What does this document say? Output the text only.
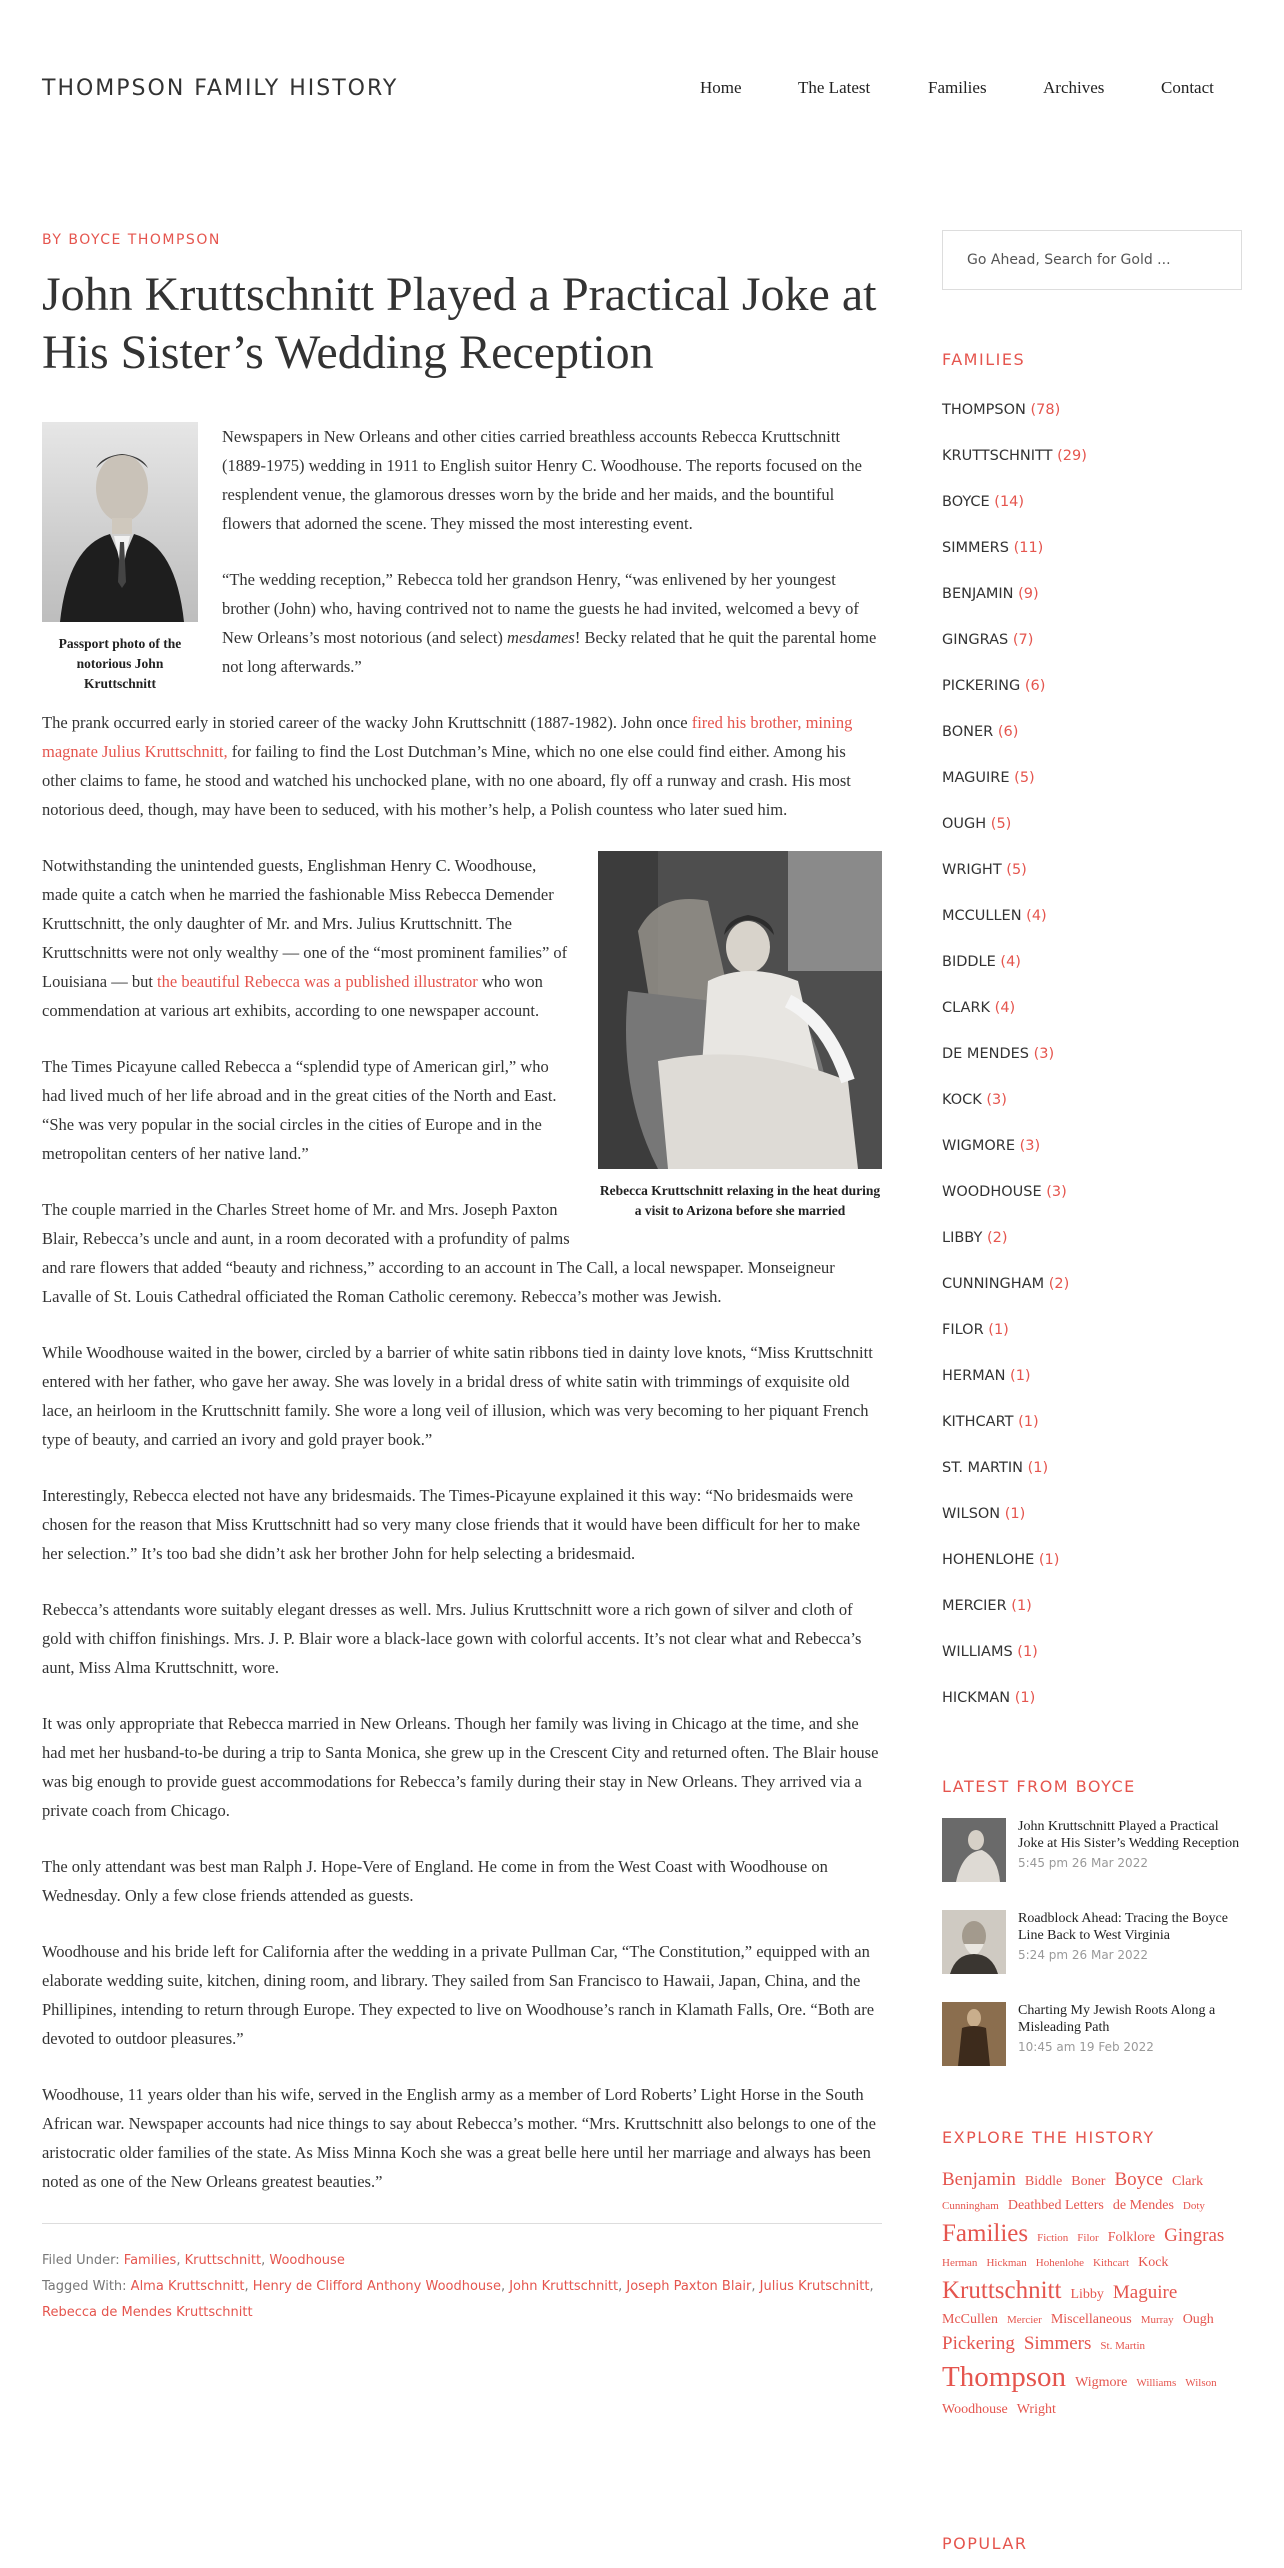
THOMPSON FAMILY HISTORY	Home	The Latest	Families	Archives	Contact
BY BOYCE THOMPSON
John Kruttschnitt Played a Practical Joke at His Sister’s Wedding Reception
Passport photo of the notorious John Kruttschnitt

Newspapers in New Orleans and other cities carried breathless accounts Rebecca Kruttschnitt (1889-1975) wedding in 1911 to English suitor Henry C. Woodhouse. The reports focused on the resplendent venue, the glamorous dresses worn by the bride and her maids, and the bountiful flowers that adorned the scene. They missed the most interesting event.

“The wedding reception,” Rebecca told her grandson Henry, “was enlivened by her youngest brother (John) who, having contrived not to name the guests he had invited, welcomed a bevy of New Orleans’s most notorious (and select) mesdames! Becky related that he quit the parental home not long afterwards.”

The prank occurred early in storied career of the wacky John Kruttschnitt (1887-1982). John once fired his brother, mining magnate Julius Kruttschnitt, for failing to find the Lost Dutchman’s Mine, which no one else could find either. Among his other claims to fame, he stood and watched his unchocked plane, with no one aboard, fly off a runway and crash. His most notorious deed, though, may have been to seduced, with his mother’s help, a Polish countess who later sued him.

Rebecca Kruttschnitt relaxing in the heat during a visit to Arizona before she married

Notwithstanding the unintended guests, Englishman Henry C. Woodhouse, made quite a catch when he married the fashionable Miss Rebecca Demender Kruttschnitt, the only daughter of Mr. and Mrs. Julius Kruttschnitt. The Kruttschnitts were not only wealthy — one of the “most prominent families” of Louisiana — but the beautiful Rebecca was a published illustrator who won commendation at various art exhibits, according to one newspaper account.

The Times Picayune called Rebecca a “splendid type of American girl,” who had lived much of her life abroad and in the great cities of the North and East. “She was very popular in the social circles in the cities of Europe and in the metropolitan centers of her native land.”

The couple married in the Charles Street home of Mr. and Mrs. Joseph Paxton Blair, Rebecca’s uncle and aunt, in a room decorated with a profundity of palms and rare flowers that added “beauty and richness,” according to an account in The Call, a local newspaper. Monseigneur Lavalle of St. Louis Cathedral officiated the Roman Catholic ceremony. Rebecca’s mother was Jewish.

While Woodhouse waited in the bower, circled by a barrier of white satin ribbons tied in dainty love knots, “Miss Kruttschnitt entered with her father, who gave her away. She was lovely in a bridal dress of white satin with trimmings of exquisite old lace, an heirloom in the Kruttschnitt family. She wore a long veil of illusion, which was very becoming to her piquant French type of beauty, and carried an ivory and gold prayer book.”

Interestingly, Rebecca elected not have any bridesmaids. The Times-Picayune explained it this way: “No bridesmaids were chosen for the reason that Miss Kruttschnitt had so very many close friends that it would have been difficult for her to make her selection.” It’s too bad she didn’t ask her brother John for help selecting a bridesmaid.

Rebecca’s attendants wore suitably elegant dresses as well. Mrs. Julius Kruttschnitt wore a rich gown of silver and cloth of gold with chiffon finishings. Mrs. J. P. Blair wore a black-lace gown with colorful accents. It’s not clear what and Rebecca’s aunt, Miss Alma Kruttschnitt, wore.

It was only appropriate that Rebecca married in New Orleans. Though her family was living in Chicago at the time, and she had met her husband-to-be during a trip to Santa Monica, she grew up in the Crescent City and returned often. The Blair house was big enough to provide guest accommodations for Rebecca’s family during their stay in New Orleans. They arrived via a private coach from Chicago.

The only attendant was best man Ralph J. Hope-Vere of England. He come in from the West Coast with Woodhouse on Wednesday. Only a few close friends attended as guests.

Woodhouse and his bride left for California after the wedding in a private Pullman Car, “The Constitution,” equipped with an elaborate wedding suite, kitchen, dining room, and library. They sailed from San Francisco to Hawaii, Japan, China, and the Phillipines, intending to return through Europe. They expected to live on Woodhouse’s ranch in Klamath Falls, Ore. “Both are devoted to outdoor pleasures.”

Woodhouse, 11 years older than his wife, served in the English army as a member of Lord Roberts’ Light Horse in the South African war. Newspaper accounts had nice things to say about Rebecca’s mother. “Mrs. Kruttschnitt also belongs to one of the aristocratic older families of the state. As Miss Minna Koch she was a great belle here until her marriage and always has been noted as one of the New Orleans greatest beauties.”

Filed Under: Families, Kruttschnitt, Woodhouse
Tagged With: Alma Kruttschnitt, Henry de Clifford Anthony Woodhouse, John Kruttschnitt, Joseph Paxton Blair, Julius Krutschnitt,
Rebecca de Mendes Kruttschnitt
Go Ahead, Search for Gold ...
FAMILIES
THOMPSON (78)
KRUTTSCHNITT (29)
BOYCE (14)
SIMMERS (11)
BENJAMIN (9)
GINGRAS (7)
PICKERING (6)
BONER (6)
MAGUIRE (5)
OUGH (5)
WRIGHT (5)
MCCULLEN (4)
BIDDLE (4)
CLARK (4)
DE MENDES (3)
KOCK (3)
WIGMORE (3)
WOODHOUSE (3)
LIBBY (2)
CUNNINGHAM (2)
FILOR (1)
HERMAN (1)
KITHCART (1)
ST. MARTIN (1)
WILSON (1)
HOHENLOHE (1)
MERCIER (1)
WILLIAMS (1)
HICKMAN (1)
LATEST FROM BOYCE
John Kruttschnitt Played a Practical Joke at His Sister’s Wedding Reception
5:45 pm 26 Mar 2022
Roadblock Ahead: Tracing the Boyce Line Back to West Virginia
5:24 pm 26 Mar 2022
Charting My Jewish Roots Along a Misleading Path
10:45 am 19 Feb 2022
EXPLORE THE HISTORY
Benjamin Biddle Boner Boyce Clark Cunningham Deathbed Letters de Mendes Doty Families Fiction Filor Folklore Gingras Herman Hickman Hohenlohe Kithcart Kock Kruttschnitt Libby Maguire McCullen Mercier Miscellaneous Murray Ough Pickering Simmers St. Martin Thompson Wigmore Williams Wilson Woodhouse Wright
POPULAR
